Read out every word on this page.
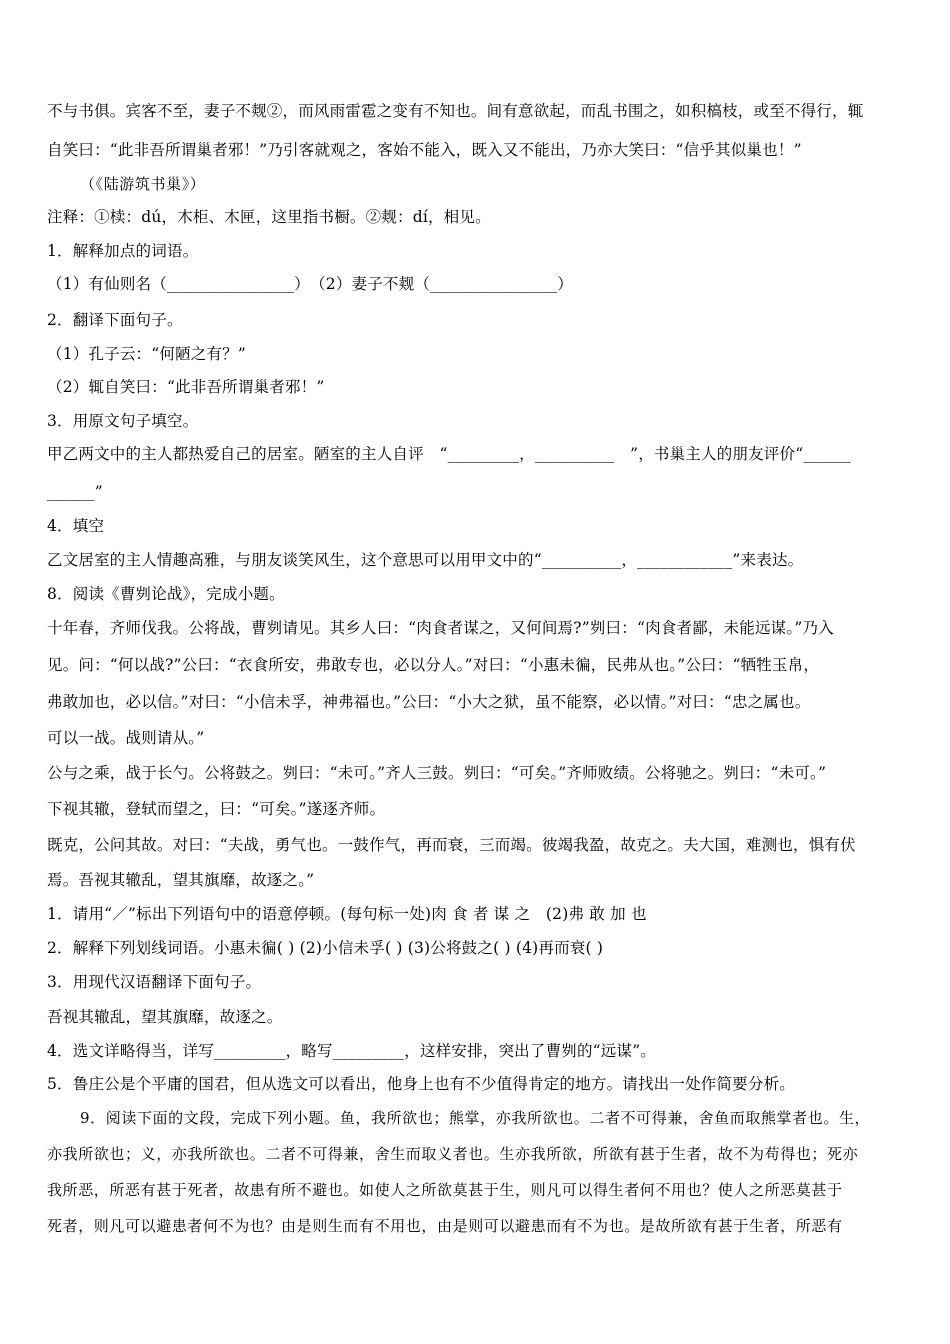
不与书俱。宾客不至，妻子不觌②，而风雨雷雹之变有不知也。间有意欲起，而乱书围之，如积槁枝，或至不得行，辄
自笑曰：“此非吾所谓巢者邪！”乃引客就观之，客始不能入，既入又不能出，乃亦大笑曰：“信乎其似巢也！”
（《陆游筑书巢》）
注释：①椟：dú，木柜、木匣，这里指书橱。②觌：dí，相见。
1．解释加点的词语。
（1）有仙则名（________________）　（2）妻子不觌（________________）
2．翻译下面句子。
（1）孔子云：“何陋之有？”
（2）辄自笑曰：“此非吾所谓巢者邪！”
3．用原文句子填空。
甲乙两文中的主人都热爱自己的居室。陋室的主人自评　“_________，__________　”，书巢主人的朋友评价“______
______”
4．填空
乙文居室的主人情趣高雅，与朋友谈笑风生，这个意思可以用甲文中的“__________，____________”来表达。
8．阅读《曹刿论战》，完成小题。
十年春，齐师伐我。公将战，曹刿请见。其乡人曰：“肉食者谋之，又何间焉?”刿曰：“肉食者鄙，未能远谋。”乃入
见。问：“何以战?”公曰：“衣食所安，弗敢专也，必以分人。”对曰：“小惠未徧，民弗从也。”公曰：“牺牲玉帛，
弗敢加也，必以信。”对曰：“小信未孚，神弗福也。”公曰：“小大之狱，虽不能察，必以情。”对曰：“忠之属也。
可以一战。战则请从。”
公与之乘，战于长勺。公将鼓之。刿曰：“未可。”齐人三鼓。刿曰：“可矣。”齐师败绩。公将驰之。刿曰：“未可。”
下视其辙，登轼而望之，曰：“可矣。”遂逐齐师。
既克，公问其故。对曰：“夫战，勇气也。一鼓作气，再而衰，三而竭。彼竭我盈，故克之。夫大国，难测也，惧有伏
焉。吾视其辙乱，望其旗靡，故逐之。”
1．请用“／”标出下列语句中的语意停顿。(每句标一处)肉 食 者 谋 之　(2)弗 敢 加 也
2．解释下列划线词语。小惠未徧( ) (2)小信未孚( ) (3)公将鼓之( ) (4)再而衰( )
3．用现代汉语翻译下面句子。
吾视其辙乱，望其旗靡，故逐之。
4．选文详略得当，详写_________，略写_________，这样安排，突出了曹刿的“远谋”。
5．鲁庄公是个平庸的国君，但从选文可以看出，他身上也有不少值得肯定的地方。请找出一处作简要分析。
9．阅读下面的文段，完成下列小题。鱼，我所欲也；熊掌，亦我所欲也。二者不可得兼，舍鱼而取熊掌者也。生，
亦我所欲也；义，亦我所欲也。二者不可得兼，舍生而取义者也。生亦我所欲，所欲有甚于生者，故不为苟得也；死亦
我所恶，所恶有甚于死者，故患有所不避也。如使人之所欲莫甚于生，则凡可以得生者何不用也？使人之所恶莫甚于
死者，则凡可以避患者何不为也？由是则生而有不用也，由是则可以避患而有不为也。是故所欲有甚于生者，所恶有
